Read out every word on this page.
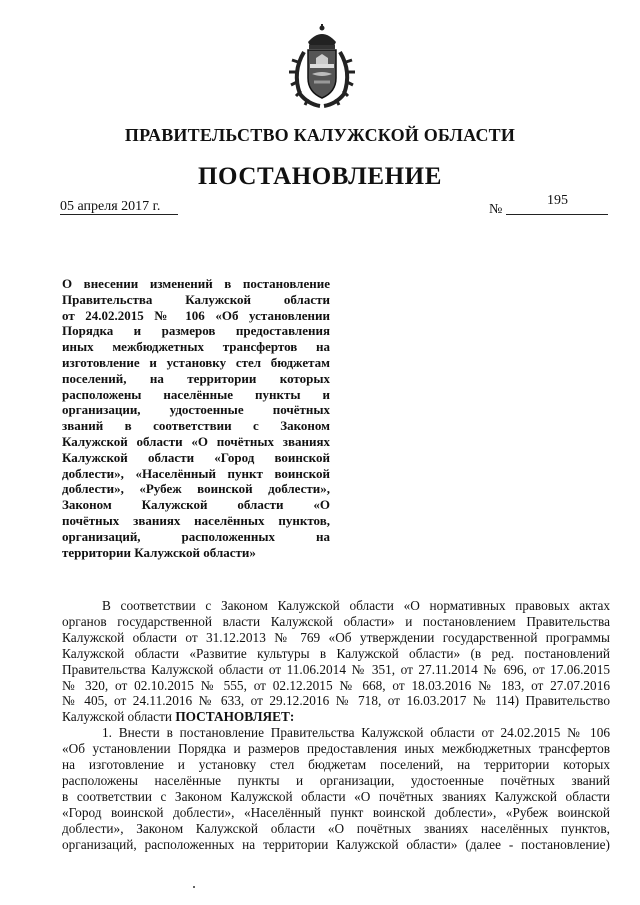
ПРАВИТЕЛЬСТВО КАЛУЖСКОЙ ОБЛАСТИ
ПОСТАНОВЛЕНИЕ
05 апреля 2017 г.	№
195
О внесении изменений в постановление
Правительства Калужской области
от 24.02.2015 № 106 «Об установлении
Порядка и размеров предоставления
иных межбюджетных трансфертов на
изготовление и установку стел бюджетам
поселений, на территории которых
расположены населённые пункты и
организации, удостоенные почётных
званий в соответствии с Законом
Калужской области «О почётных званиях
Калужской области «Город воинской
доблести», «Населённый пункт воинской
доблести», «Рубеж воинской доблести»,
Законом Калужской области «О
почётных званиях населённых пунктов,
организаций, расположенных на
территории Калужской области»
В соответствии с Законом Калужской области «О нормативных правовых актах
органов государственной власти Калужской области» и постановлением Правительства
Калужской области от 31.12.2013 № 769 «Об утверждении государственной программы
Калужской области «Развитие культуры в Калужской области» (в ред. постановлений
Правительства Калужской области от 11.06.2014 № 351, от 27.11.2014 № 696, от 17.06.2015
№ 320, от 02.10.2015 № 555, от 02.12.2015 № 668, от 18.03.2016 № 183, от 27.07.2016
№ 405, от 24.11.2016 № 633, от 29.12.2016 № 718, от 16.03.2017 № 114) Правительство
Калужской области ПОСТАНОВЛЯЕТ:
1. Внести в постановление Правительства Калужской области от 24.02.2015 № 106
«Об установлении Порядка и размеров предоставления иных межбюджетных трансфертов
на изготовление и установку стел бюджетам поселений, на территории которых
расположены населённые пункты и организации, удостоенные почётных званий
в соответствии с Законом Калужской области «О почётных званиях Калужской области
«Город воинской доблести», «Населённый пункт воинской доблести», «Рубеж воинской
доблести», Законом Калужской области «О почётных званиях населённых пунктов,
организаций, расположенных на территории Калужской области» (далее - постановление)
